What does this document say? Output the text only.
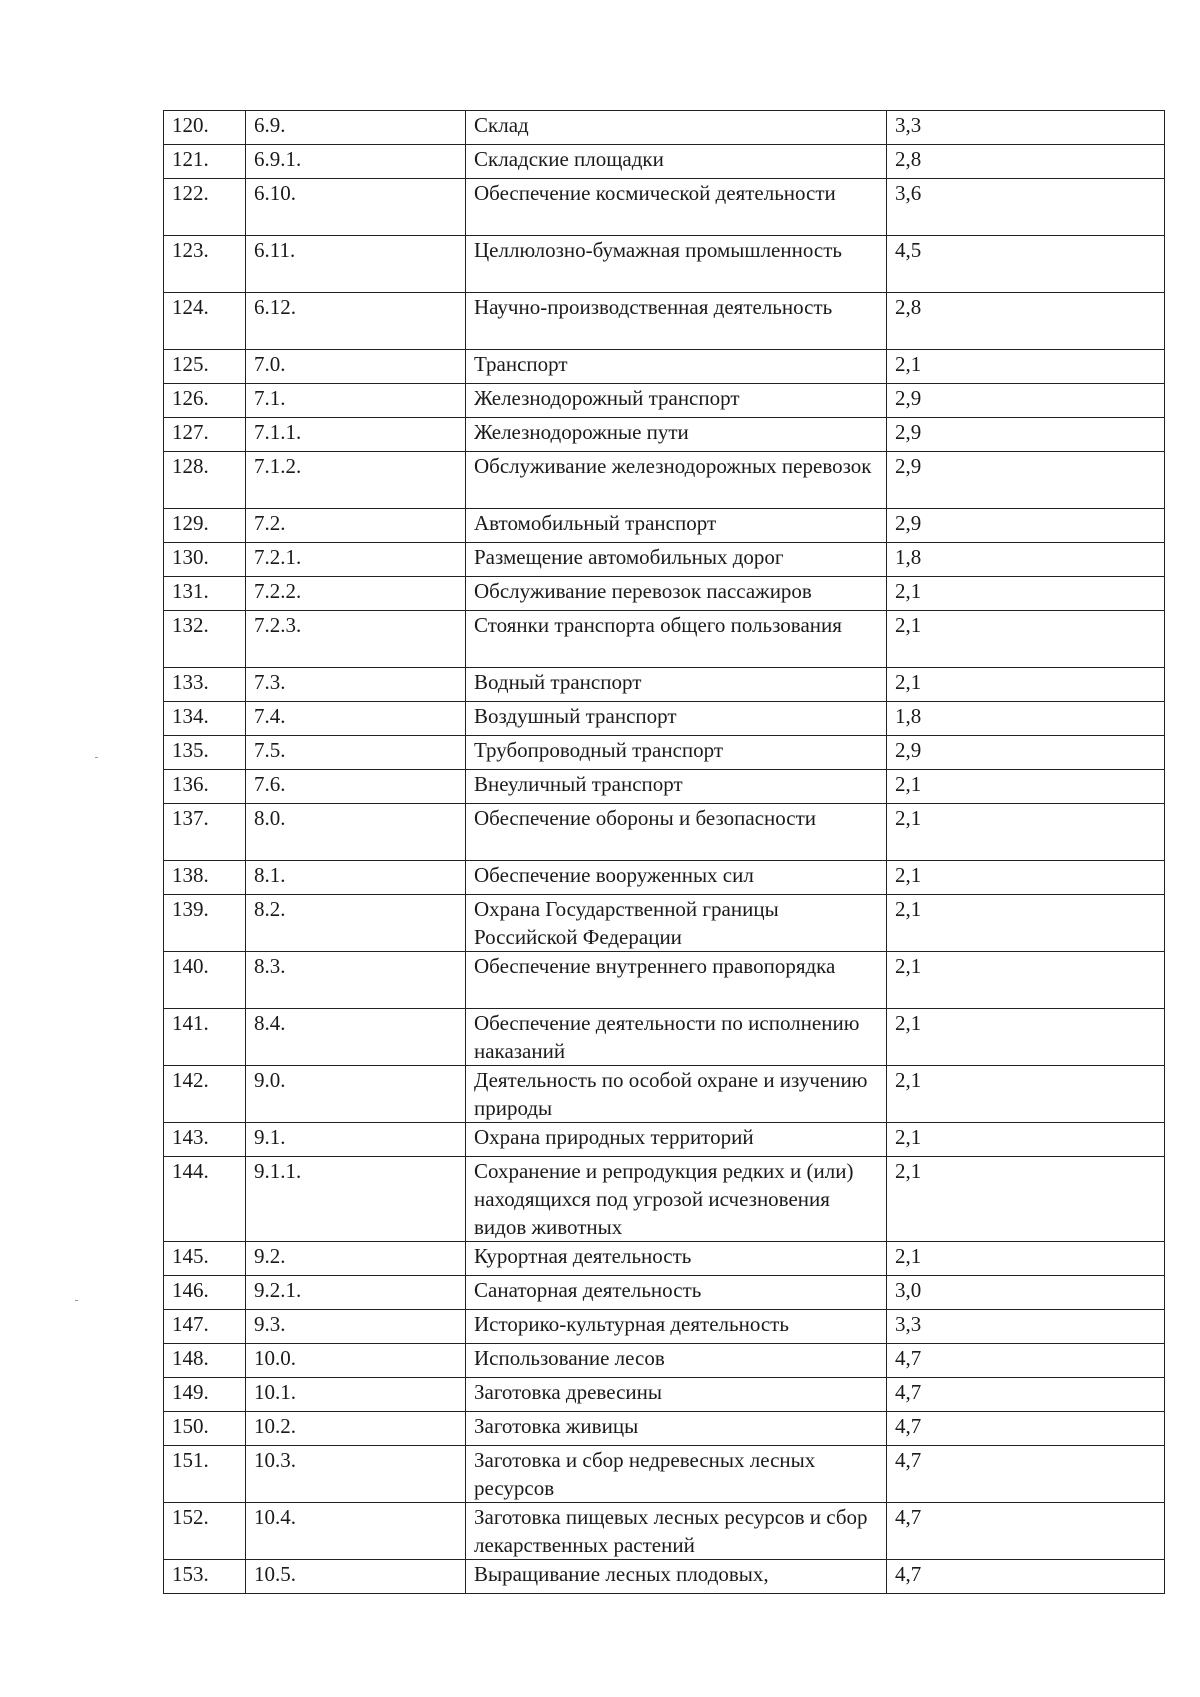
120.	6.9.	Склад	3,3
121.	6.9.1.	Складские площадки	2,8
122.	6.10.	Обеспечение космической деятельности	3,6
123.	6.11.	Целлюлозно-бумажная промышленность	4,5
124.	6.12.	Научно-производственная деятельность	2,8
125.	7.0.	Транспорт	2,1
126.	7.1.	Железнодорожный транспорт	2,9
127.	7.1.1.	Железнодорожные пути	2,9
128.	7.1.2.	Обслуживание железнодорожных перевозок	2,9
129.	7.2.	Автомобильный транспорт	2,9
130.	7.2.1.	Размещение автомобильных дорог	1,8
131.	7.2.2.	Обслуживание перевозок пассажиров	2,1
132.	7.2.3.	Стоянки транспорта общего пользования	2,1
133.	7.3.	Водный транспорт	2,1
134.	7.4.	Воздушный транспорт	1,8
135.	7.5.	Трубопроводный транспорт	2,9
136.	7.6.	Внеуличный транспорт	2,1
137.	8.0.	Обеспечение обороны и безопасности	2,1
138.	8.1.	Обеспечение вооруженных сил	2,1
139.	8.2.	Охрана Государственной границы Российской Федерации	2,1
140.	8.3.	Обеспечение внутреннего правопорядка	2,1
141.	8.4.	Обеспечение деятельности по исполнению наказаний	2,1
142.	9.0.	Деятельность по особой охране и изучению природы	2,1
143.	9.1.	Охрана природных территорий	2,1
144.	9.1.1.	Сохранение и репродукция редких и (или) находящихся под угрозой исчезновения видов животных	2,1
145.	9.2.	Курортная деятельность	2,1
146.	9.2.1.	Санаторная деятельность	3,0
147.	9.3.	Историко-культурная деятельность	3,3
148.	10.0.	Использование лесов	4,7
149.	10.1.	Заготовка древесины	4,7
150.	10.2.	Заготовка живицы	4,7
151.	10.3.	Заготовка и сбор недревесных лесных ресурсов	4,7
152.	10.4.	Заготовка пищевых лесных ресурсов и сбор лекарственных растений	4,7
153.	10.5.	Выращивание лесных плодовых,	4,7
